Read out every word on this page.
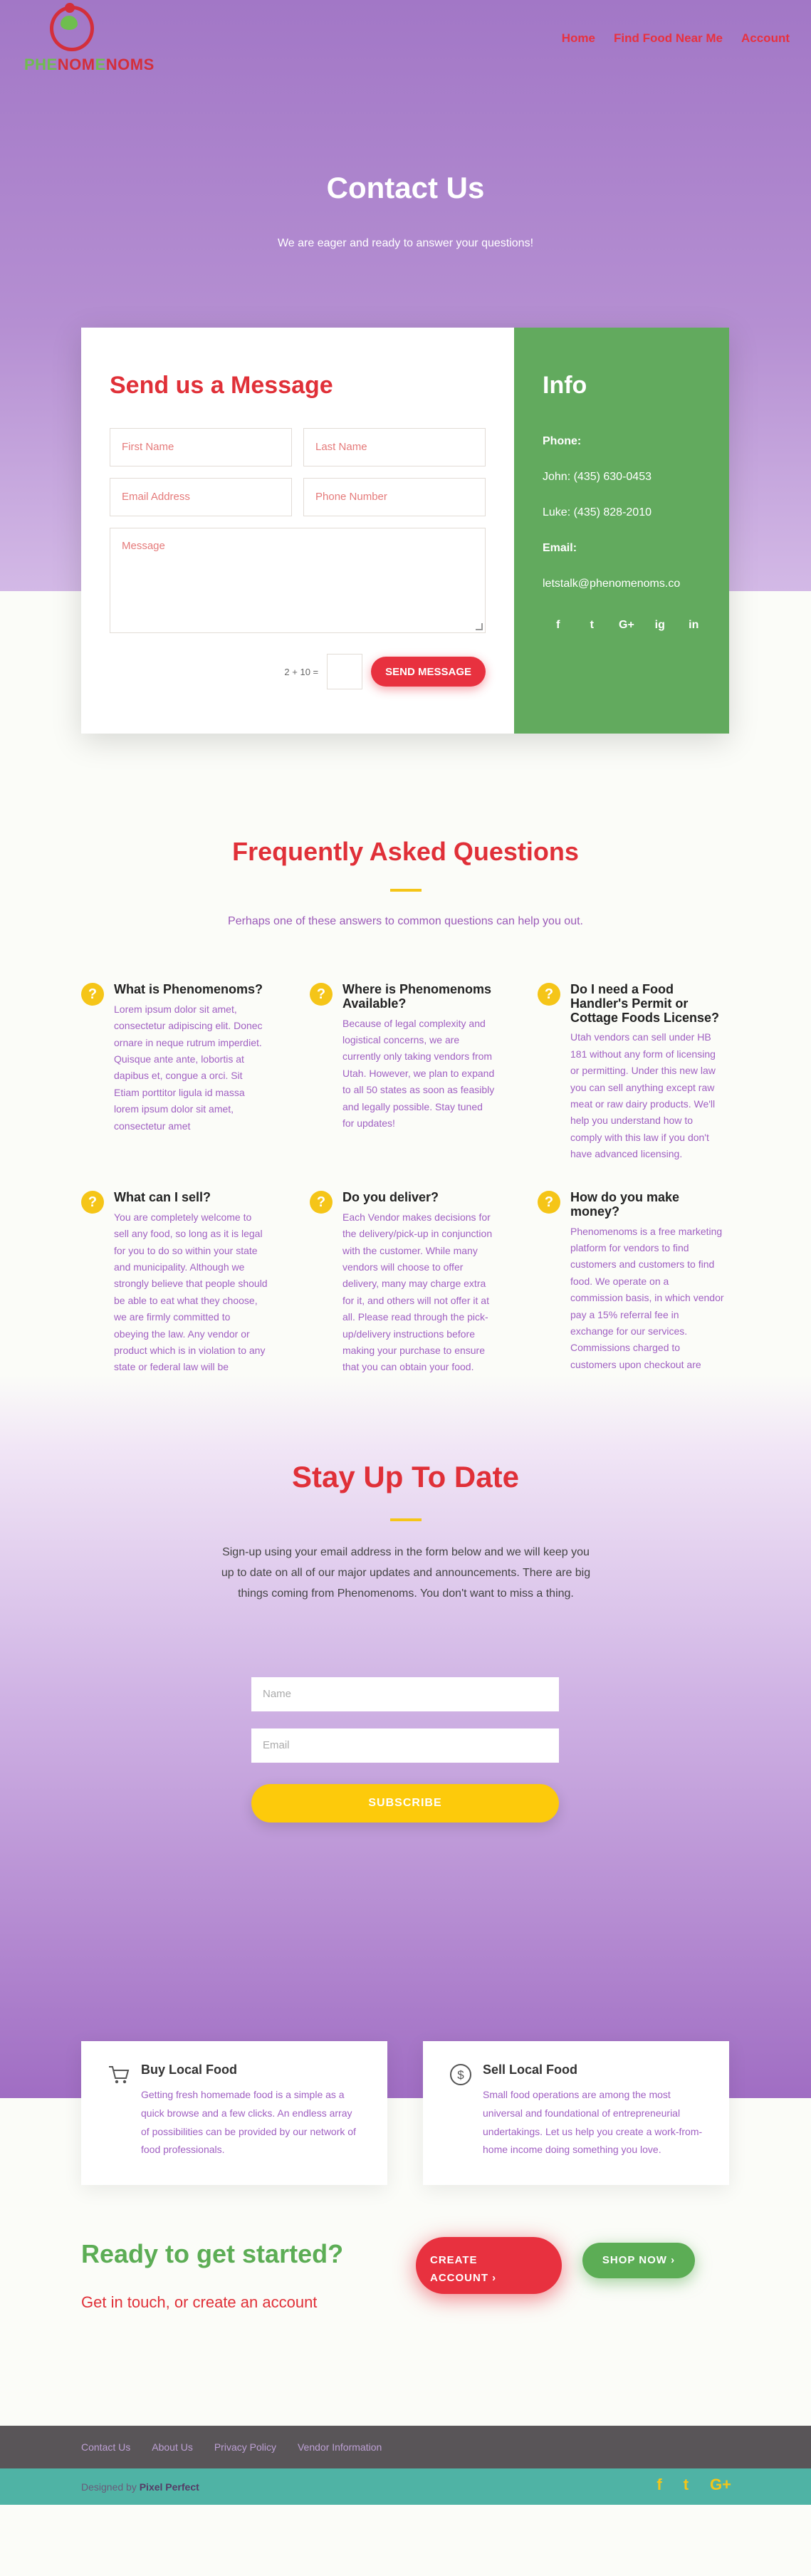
PHENOMENOMS
Home Find Food Near Me Account
Contact Us

We are eager and ready to answer your questions!

Send us a Message
First Name	Last Name
Email Address	Phone Number
Message
2 + 10 =	SEND MESSAGE
Info
Phone:
John: (435) 630-0453
Luke: (435) 828-2010
Email:
letstalk@phenomenoms.co
f	t	G+ ig in
Frequently Asked Questions

Perhaps one of these answers to common questions can help you out.

?	What is Phenomenoms?

Lorem ipsum dolor sit amet, consectetur adipiscing elit. Donec ornare in neque rutrum imperdiet. Quisque ante ante, lobortis at dapibus et, congue a orci. Sit Etiam porttitor ligula id massa lorem ipsum dolor sit amet, consectetur amet

?	Where is Phenomenoms Available?

Because of legal complexity and logistical concerns, we are currently only taking vendors from Utah. However, we plan to expand to all 50 states as soon as feasibly and legally possible. Stay tuned for updates!

?	Do I need a Food Handler's Permit or Cottage Foods License?

Utah vendors can sell under HB 181 without any form of licensing or permitting. Under this new law you can sell anything except raw meat or raw dairy products. We'll help you understand how to comply with this law if you don't have advanced licensing.

?	What can I sell?

You are completely welcome to sell any food, so long as it is legal for you to do so within your state and municipality. Although we strongly believe that people should be able to eat what they choose, we are firmly committed to obeying the law. Any vendor or product which is in violation to any state or federal law will be

?	Do you deliver?

Each Vendor makes decisions for the delivery/pick-up in conjunction with the customer. While many vendors will choose to offer delivery, many may charge extra for it, and others will not offer it at all. Please read through the pick-up/delivery instructions before making your purchase to ensure that you can obtain your food.

?	How do you make money?

Phenomenoms is a free marketing platform for vendors to find customers and customers to find food. We operate on a commission basis, in which vendor pay a 15% referral fee in exchange for our services. Commissions charged to customers upon checkout are

Stay Up To Date

Sign-up using your email address in the form below and we will keep you up to date on all of our major updates and announcements. There are big things coming from Phenomenoms. You don't want to miss a thing.

Name
Email
SUBSCRIBE
Buy Local Food

Getting fresh homemade food is a simple as a quick browse and a few clicks. An endless array of possibilities can be provided by our network of food professionals.

$ Sell Local Food

Small food operations are among the most universal and foundational of entrepreneurial undertakings. Let us help you create a work-from-home income doing something you love.

Ready to get started?

Get in touch, or create an account

CREATE
ACCOUNT ›
SHOP NOW ›
Contact Us About Us Privacy Policy Vendor Information
Designed by Pixel Perfect	f t G+
